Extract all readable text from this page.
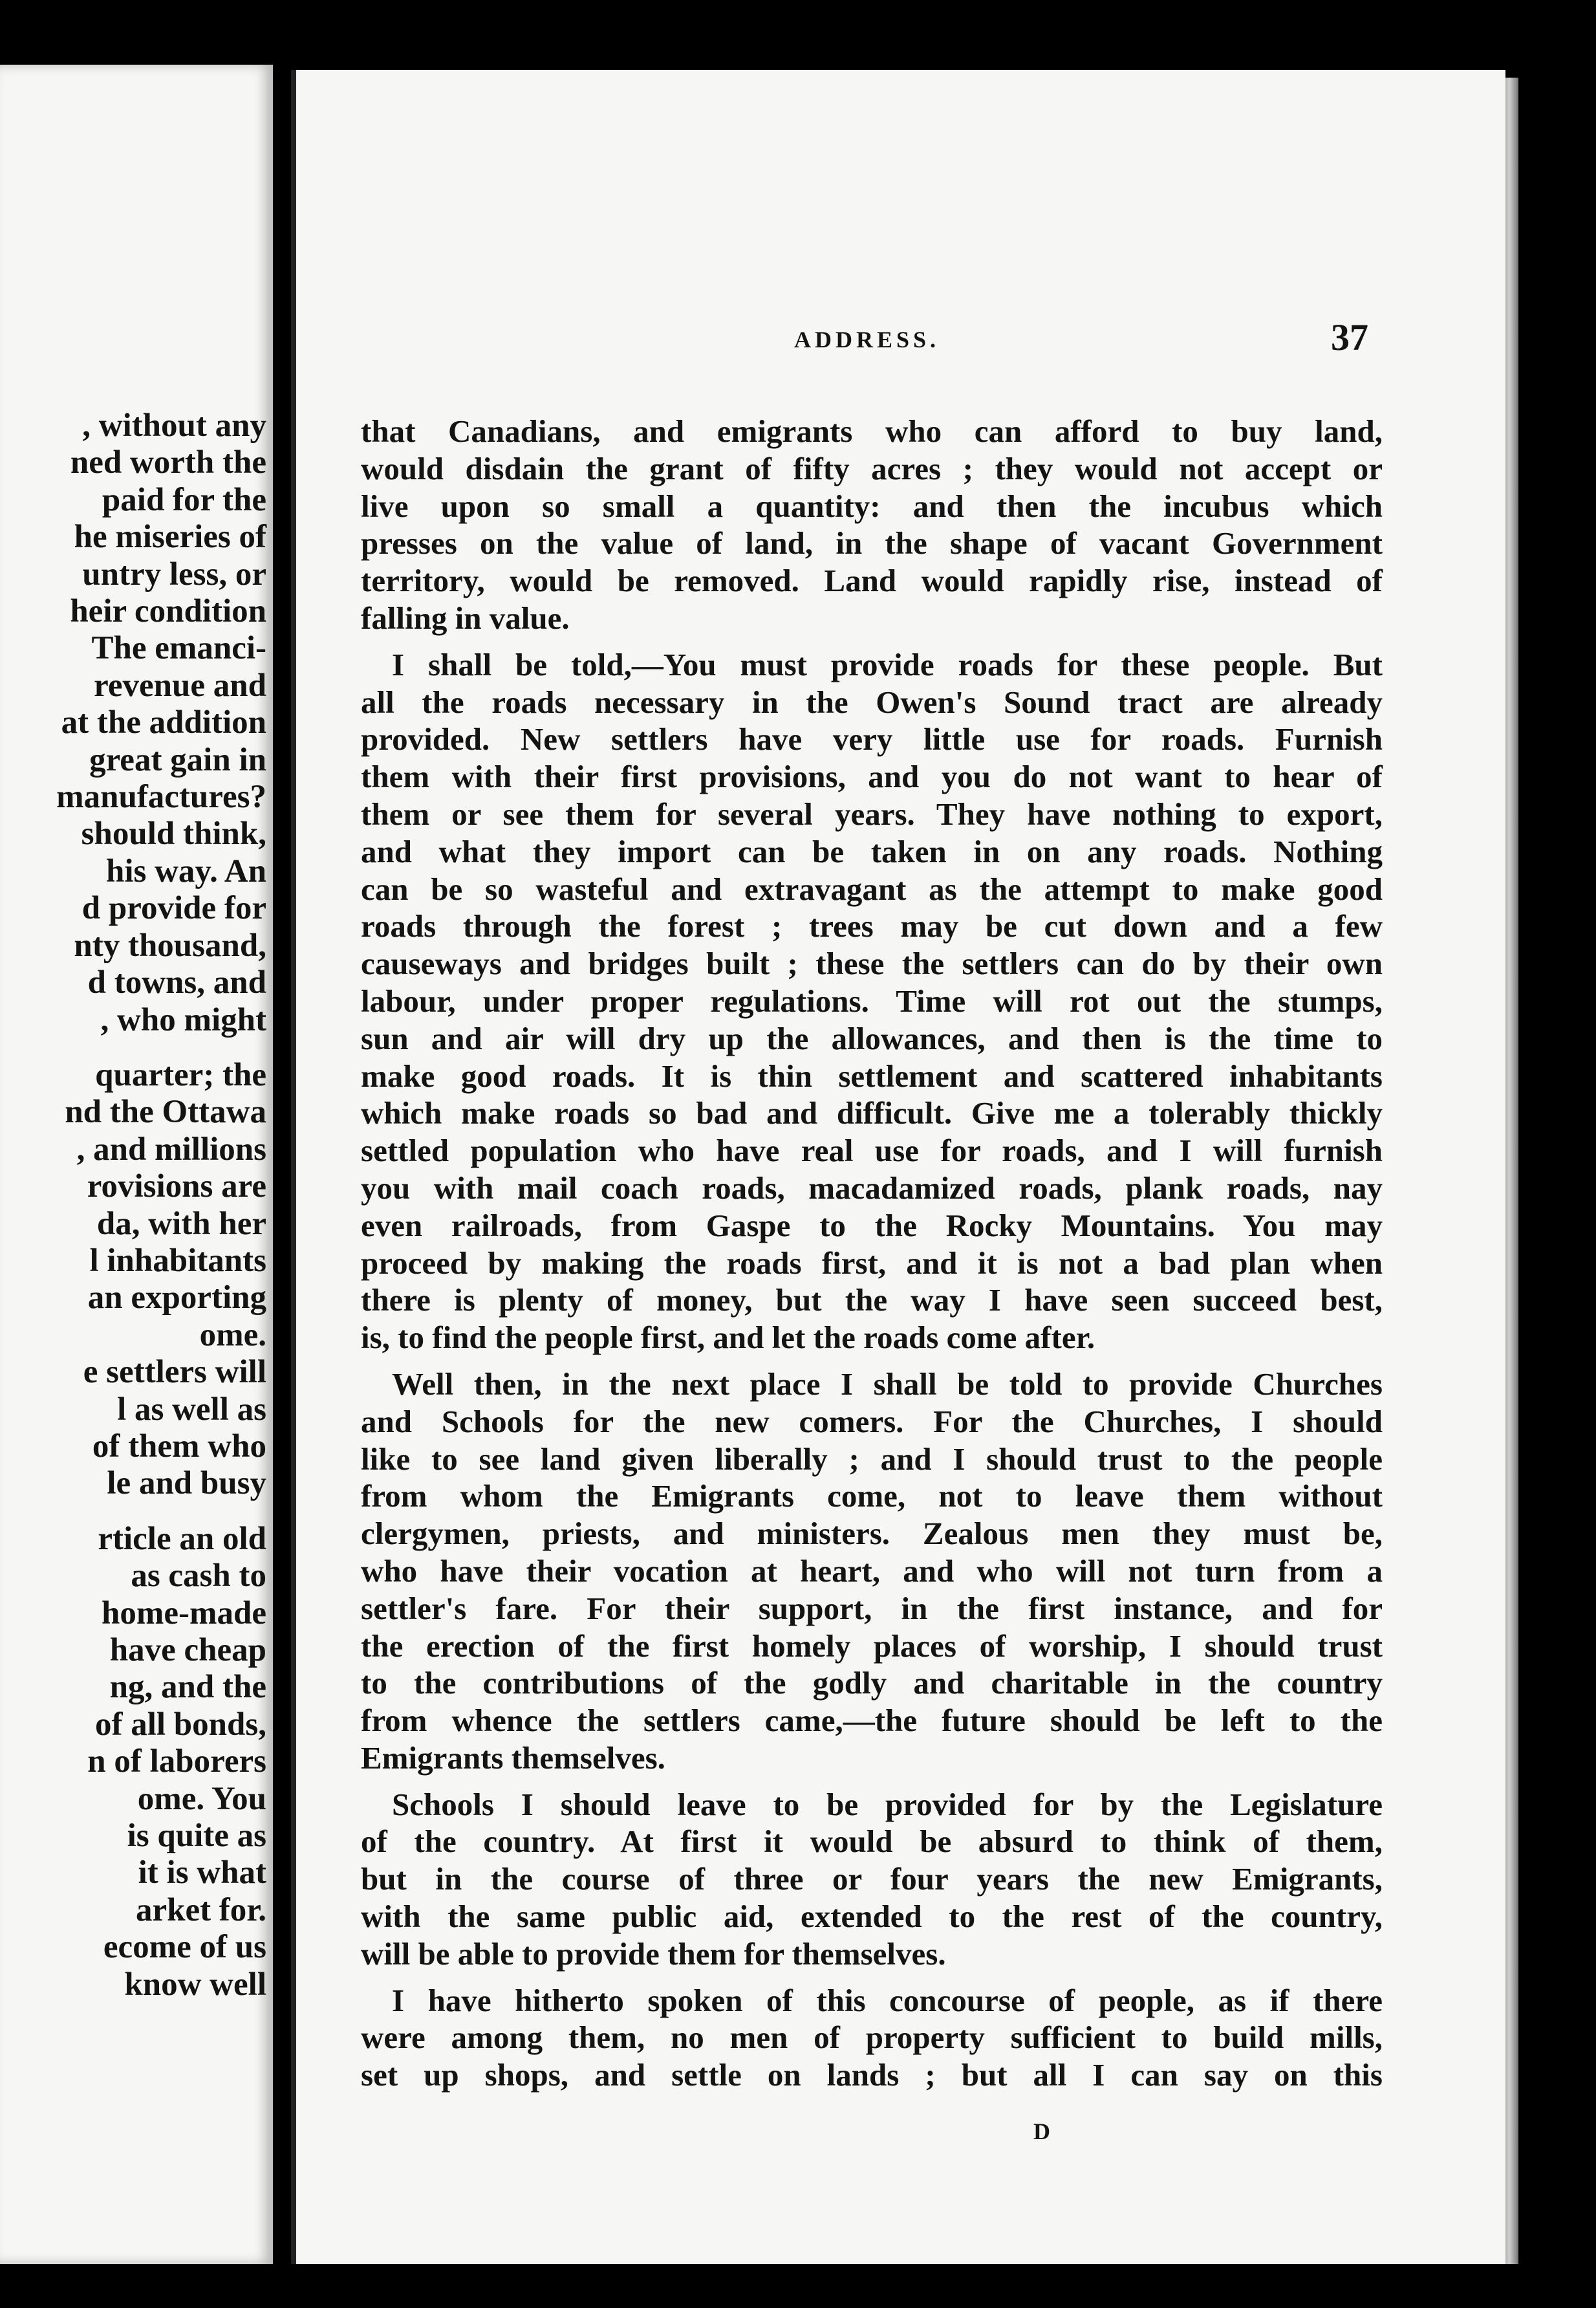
, without any
ned worth the
paid for the
he miseries of
untry less, or
heir condition
The emanci-
revenue and
at the addition
great gain in
manufactures?
should think,
his way. An
d provide for
nty thousand,
d towns, and
, who might
quarter; the
nd the Ottawa
, and millions
rovisions are
da, with her
l inhabitants
an exporting
ome.
e settlers will
l as well as
of them who
le and busy
rticle an old
as cash to
home-made
have cheap
ng, and the
of all bonds,
n of laborers
ome. You
is quite as
it is what
arket for.
ecome of us
know well
ADDRESS.	37
that Canadians, and emigrants who can afford to buy land,
would disdain the grant of fifty acres ; they would not accept or
live upon so small a quantity: and then the incubus which
presses on the value of land, in the shape of vacant Government
territory, would be removed. Land would rapidly rise, instead of
falling in value.
I shall be told,—You must provide roads for these people. But
all the roads necessary in the Owen's Sound tract are already
provided. New settlers have very little use for roads. Furnish
them with their first provisions, and you do not want to hear of
them or see them for several years. They have nothing to export,
and what they import can be taken in on any roads. Nothing
can be so wasteful and extravagant as the attempt to make good
roads through the forest ; trees may be cut down and a few
causeways and bridges built ; these the settlers can do by their own
labour, under proper regulations. Time will rot out the stumps,
sun and air will dry up the allowances, and then is the time to
make good roads. It is thin settlement and scattered inhabitants
which make roads so bad and difficult. Give me a tolerably thickly
settled population who have real use for roads, and I will furnish
you with mail coach roads, macadamized roads, plank roads, nay
even railroads, from Gaspe to the Rocky Mountains. You may
proceed by making the roads first, and it is not a bad plan when
there is plenty of money, but the way I have seen succeed best,
is, to find the people first, and let the roads come after.
Well then, in the next place I shall be told to provide Churches
and Schools for the new comers. For the Churches, I should
like to see land given liberally ; and I should trust to the people
from whom the Emigrants come, not to leave them without
clergymen, priests, and ministers. Zealous men they must be,
who have their vocation at heart, and who will not turn from a
settler's fare. For their support, in the first instance, and for
the erection of the first homely places of worship, I should trust
to the contributions of the godly and charitable in the country
from whence the settlers came,—the future should be left to the
Emigrants themselves.
Schools I should leave to be provided for by the Legislature
of the country. At first it would be absurd to think of them,
but in the course of three or four years the new Emigrants,
with the same public aid, extended to the rest of the country,
will be able to provide them for themselves.
I have hitherto spoken of this concourse of people, as if there
were among them, no men of property sufficient to build mills,
set up shops, and settle on lands ; but all I can say on this
D
